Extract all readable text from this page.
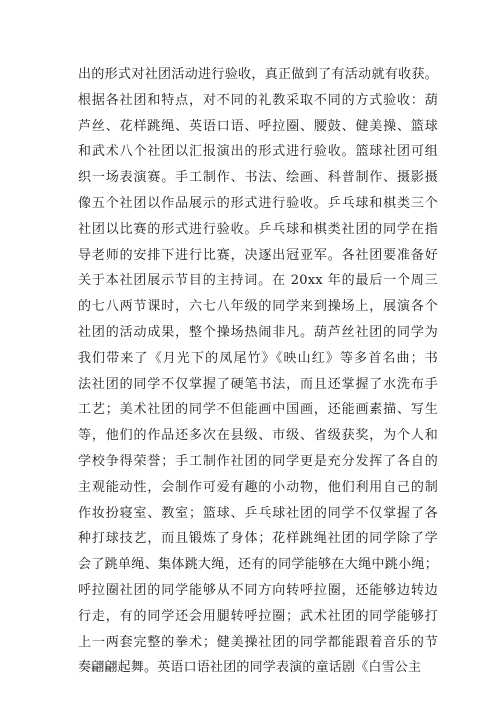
出的形式对社团活动进行验收，真正做到了有活动就有收获。
根据各社团和特点，对不同的礼教采取不同的方式验收：葫
芦丝、花样跳绳、英语口语、呼拉圈、腰鼓、健美操、篮球
和武术八个社团以汇报演出的形式进行验收。篮球社团可组
织一场表演赛。手工制作、书法、绘画、科普制作、摄影摄
像五个社团以作品展示的形式进行验收。乒乓球和棋类三个
社团以比赛的形式进行验收。乒乓球和棋类社团的同学在指
导老师的安排下进行比赛，决逐出冠亚军。各社团要准备好
关于本社团展示节目的主持词。在 20xx 年的最后一个周三
的七八两节课时，六七八年级的同学来到操场上，展演各个
社团的活动成果，整个操场热闹非凡。葫芦丝社团的同学为
我们带来了《月光下的凤尾竹》《映山红》等多首名曲；书
法社团的同学不仅掌握了硬笔书法，而且还掌握了水洗布手
工艺；美术社团的同学不但能画中国画，还能画素描、写生
等，他们的作品还多次在县级、市级、省级获奖，为个人和
学校争得荣誉；手工制作社团的同学更是充分发挥了各自的
主观能动性，会制作可爱有趣的小动物，他们利用自己的制
作妆扮寝室、教室；篮球、乒乓球社团的同学不仅掌握了各
种打球技艺，而且锻炼了身体；花样跳绳社团的同学除了学
会了跳单绳、集体跳大绳，还有的同学能够在大绳中跳小绳；
呼拉圈社团的同学能够从不同方向转呼拉圈，还能够边转边
行走，有的同学还会用腿转呼拉圈；武术社团的同学能够打
上一两套完整的拳术；健美操社团的同学都能跟着音乐的节
奏翩翩起舞。英语口语社团的同学表演的童话剧《白雪公主
